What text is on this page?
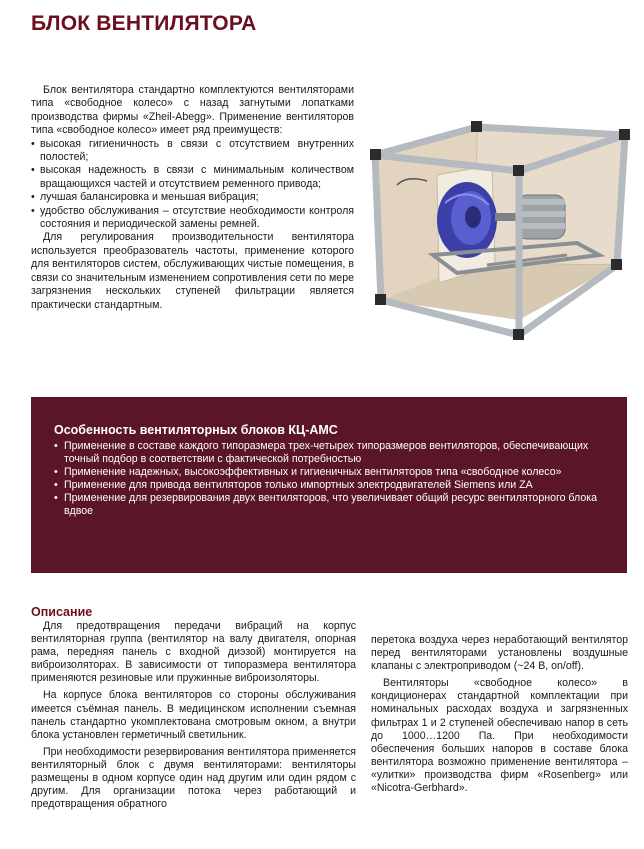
БЛОК ВЕНТИЛЯТОРА

Блок вентилятора стандартно комплектуются вентиляторами типа «свободное колесо» с назад загнутыми лопатками производства фирмы «Zheil-Abegg». Применение вентиляторов типа «свободное колесо» имеет ряд преимуществ:

• высокая гигиеничность в связи с отсутствием внутренних полостей;
• высокая надежность в связи с минимальным количеством вращающихся частей и отсутствием ременного привода;
• лучшая балансировка и меньшая вибрация;
• удобство обслуживания – отсутствие необходимости контроля состояния и периодической замены ремней.

Для регулирования производительности вентилятора используется преобразователь частоты, применение которого для вентиляторов систем, обслуживающих чистые помещения, в связи со значительным изменением сопротивления сети по мере загрязнения нескольких ступеней фильтрации является практически стандартным.

Особенность вентиляторных блоков КЦ-АМС
• Применение в составе каждого типоразмера трех-четырех типоразмеров вентиляторов, обеспечивающих точный подбор в соответствии с фактической потребностью
• Применение надежных, высокоэффективных и гигиеничных вентиляторов типа «свободное колесо»
• Применение для привода вентиляторов только импортных электродвигателей Siemens или ZA
• Применение для резервирования двух вентиляторов, что увеличивает общий ресурс вентиляторного блока вдвое
Описание

Для предотвращения передачи вибраций на корпус вентиляторная группа (вентилятор на валу двигателя, опорная рама, передняя панель с входной диэзой) монтируется на виброизоляторах. В зависимости от типоразмера вентилятора применяются резиновые или пружинные виброизоляторы.

На корпусе блока вентиляторов со стороны обслуживания имеется съёмная панель. В медицинском исполнении съемная панель стандартно укомплектована смотровым окном, а внутри блока установлен герметичный светильник.

При необходимости резервирования вентилятора применяется вентиляторный блок с двумя вентиляторами: вентиляторы размещены в одном корпусе один над другим или один рядом с другим. Для организации потока через работающий и предотвращения обратного

перетока воздуха через неработающий вентилятор перед вентиляторами установлены воздушные клапаны с электроприводом (~24 В, on/off).

Вентиляторы «свободное колесо» в кондиционерах стандартной комплектации при номинальных расходах воздуха и загрязненных фильтрах 1 и 2 ступеней обеспечиваю напор в сеть до 1000…1200 Па. При необходимости обеспечения больших напоров в составе блока вентилятора возможно применение вентилятора – «улитки» производства фирм «Rosenberg» или «Nicotra-Gerbhard».
